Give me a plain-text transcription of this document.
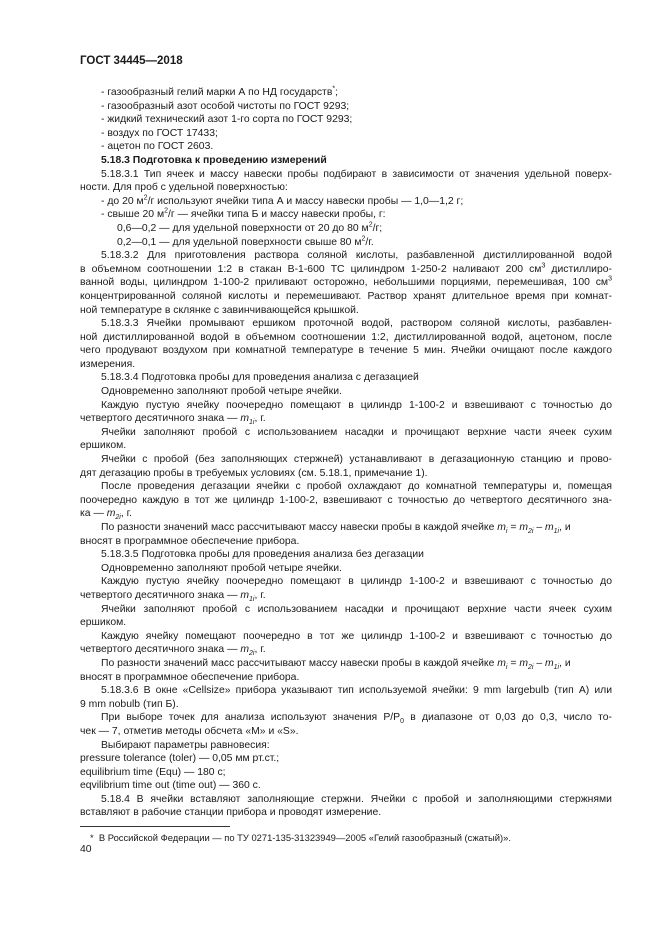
ГОСТ 34445—2018
- газообразный гелий марки А по НД государств*;
- газообразный азот особой чистоты по ГОСТ 9293;
- жидкий технический азот 1-го сорта по ГОСТ 9293;
- воздух по ГОСТ 17433;
- ацетон по ГОСТ 2603.
5.18.3 Подготовка к проведению измерений
5.18.3.1 Тип ячеек и массу навески пробы подбирают в зависимости от значения удельной поверх-
ности. Для проб с удельной поверхностью:
- до 20 $м^2/г$ используют ячейки типа А и массу навески пробы — 1,0—1,2 г;
- свыше 20 $м^2/г$ — ячейки типа Б и массу навески пробы, г:
0,6—0,2 — для удельной поверхности от 20 до 80 $м^2/г$;
0,2—0,1 — для удельной поверхности свыше 80 $м^2/г$.
5.18.3.2 Для приготовления раствора соляной кислоты, разбавленной дистиллированной водой
в объемном соотношении 1:2 в стакан В-1-600 ТС цилиндром 1-250-2 наливают 200 $см^3$ дистиллиро-
ванной воды, цилиндром 1-100-2 приливают осторожно, небольшими порциями, перемешивая, 100 $см^3$
концентрированной соляной кислоты и перемешивают. Раствор хранят длительное время при комнат-
ной температуре в склянке с завинчивающейся крышкой.
5.18.3.3 Ячейки промывают ершиком проточной водой, раствором соляной кислоты, разбавлен-
ной дистиллированной водой в объемном соотношении 1:2, дистиллированной водой, ацетоном, после
чего продувают воздухом при комнатной температуре в течение 5 мин. Ячейки очищают после каждого
измерения.
5.18.3.4 Подготовка пробы для проведения анализа с дегазацией
Одновременно заполняют пробой четыре ячейки.
Каждую пустую ячейку поочередно помещают в цилиндр 1-100-2 и взвешивают с точностью до
четвертого десятичного знака — $m_{1i}$, г.
Ячейки заполняют пробой с использованием насадки и прочищают верхние части ячеек сухим
ершиком.
Ячейки с пробой (без заполняющих стержней) устанавливают в дегазационную станцию и прово-
дят дегазацию пробы в требуемых условиях (см. 5.18.1, примечание 1).
После проведения дегазации ячейки с пробой охлаждают до комнатной температуры и, помещая
поочередно каждую в тот же цилиндр 1-100-2, взвешивают с точностью до четвертого десятичного зна-
ка — $m_{2i}$, г.
По разности значений масс рассчитывают массу навески пробы в каждой ячейке $m_i = m_{2i} - m_{1i}$, и
вносят в программное обеспечение прибора.
5.18.3.5 Подготовка пробы для проведения анализа без дегазации
Одновременно заполняют пробой четыре ячейки.
Каждую пустую ячейку поочередно помещают в цилиндр 1-100-2 и взвешивают с точностью до
четвертого десятичного знака — $m_{1i}$, г.
Ячейки заполняют пробой с использованием насадки и прочищают верхние части ячеек сухим
ершиком.
Каждую ячейку помещают поочередно в тот же цилиндр 1-100-2 и взвешивают с точностью до
четвертого десятичного знака — $m_{2i}$, г.
По разности значений масс рассчитывают массу навески пробы в каждой ячейке $m_i = m_{2i} - m_{1i}$, и
вносят в программное обеспечение прибора.
5.18.3.6 В окне «Cellsize» прибора указывают тип используемой ячейки: 9 mm largebulb (тип А) или
9 mm nobulb (тип Б).
При выборе точек для анализа используют значения $P/P_0$ в диапазоне от 0,03 до 0,3, число то-
чек — 7, отметив методы обсчета «М» и «S».
Выбирают параметры равновесия:
pressure tolerance (toler) — 0,05 мм рт.ст.;
equilibrium time (Equ) — 180 с;
eqvilibrium time out (time out) — 360 с.
5.18.4 В ячейки вставляют заполняющие стержни. Ячейки с пробой и заполняющими стержнями
вставляют в рабочие станции прибора и проводят измерение.
* В Российской Федерации — по ТУ 0271-135-31323949—2005 «Гелий газообразный (сжатый)».
40
